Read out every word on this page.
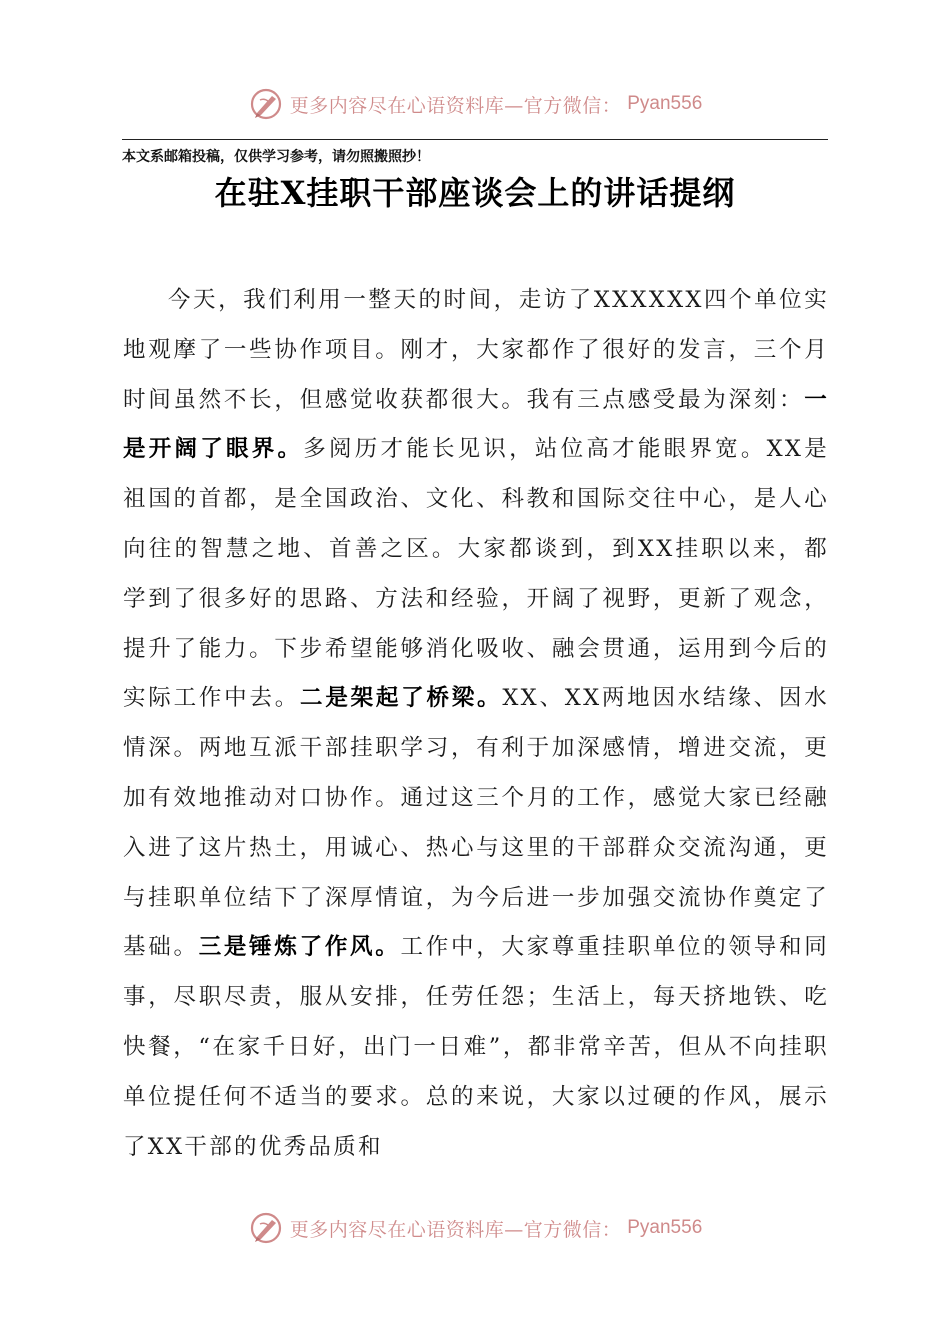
更多内容尽在心语资料库—官方微信： Pyan556
本文系邮箱投稿，仅供学习参考，请勿照搬照抄！
在驻X挂职干部座谈会上的讲话提纲
今天，我们利用一整天的时间，走访了XXXXXX四个单位实地观摩了一些协作项目。刚才，大家都作了很好的发言，三个月时间虽然不长，但感觉收获都很大。我有三点感受最为深刻：一是开阔了眼界。多阅历才能长见识，站位高才能眼界宽。XX是祖国的首都，是全国政治、文化、科教和国际交往中心，是人心向往的智慧之地、首善之区。大家都谈到，到XX挂职以来，都学到了很多好的思路、方法和经验，开阔了视野，更新了观念，提升了能力。下步希望能够消化吸收、融会贯通，运用到今后的实际工作中去。二是架起了桥梁。XX、XX两地因水结缘、因水情深。两地互派干部挂职学习，有利于加深感情，增进交流，更加有效地推动对口协作。通过这三个月的工作，感觉大家已经融入进了这片热土，用诚心、热心与这里的干部群众交流沟通，更与挂职单位结下了深厚情谊，为今后进一步加强交流协作奠定了基础。三是锤炼了作风。工作中，大家尊重挂职单位的领导和同事，尽职尽责，服从安排，任劳任怨；生活上，每天挤地铁、吃快餐，“在家千日好，出门一日难”，都非常辛苦，但从不向挂职单位提任何不适当的要求。总的来说，大家以过硬的作风，展示了XX干部的优秀品质和
更多内容尽在心语资料库—官方微信： Pyan556
